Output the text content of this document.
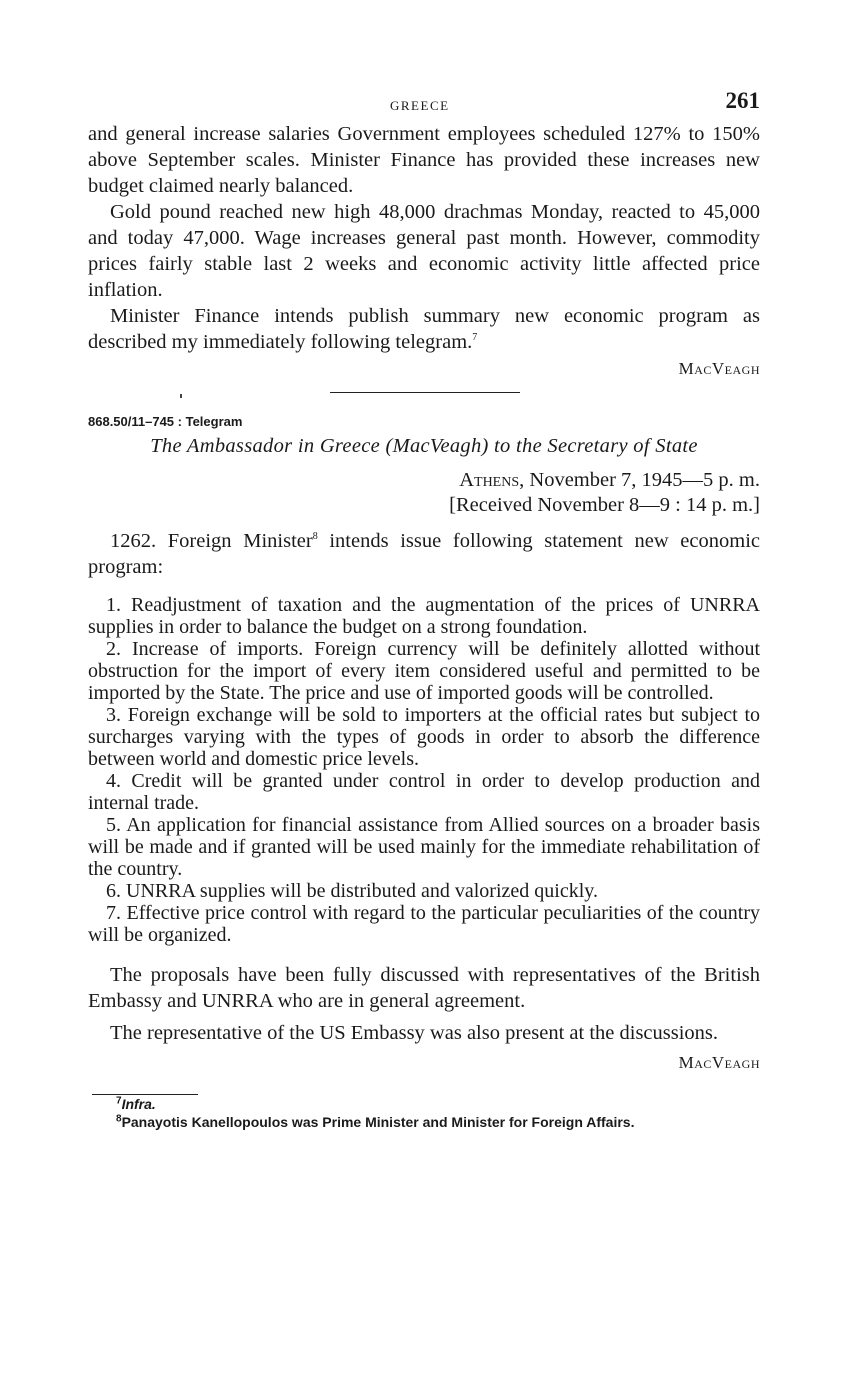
GREECE	261

and general increase salaries Government employees scheduled 127% to 150% above September scales. Minister Finance has provided these increases new budget claimed nearly balanced.

Gold pound reached new high 48,000 drachmas Monday, reacted to 45,000 and today 47,000. Wage increases general past month. However, commodity prices fairly stable last 2 weeks and economic activity little affected price inflation.

Minister Finance intends publish summary new economic program as described my immediately following telegram.$^7$

MacVeagh
868.50/11–745 : Telegram
The Ambassador in Greece (MacVeagh) to the Secretary of State
Athens, November 7, 1945—5 p. m.
[Received November 8—9 : 14 p. m.]

1262. Foreign Minister$^8$ intends issue following statement new economic program:

1. Readjustment of taxation and the augmentation of the prices of UNRRA supplies in order to balance the budget on a strong foundation.
2. Increase of imports. Foreign currency will be definitely allotted without obstruction for the import of every item considered useful and permitted to be imported by the State. The price and use of imported goods will be controlled.
3. Foreign exchange will be sold to importers at the official rates but subject to surcharges varying with the types of goods in order to absorb the difference between world and domestic price levels.
4. Credit will be granted under control in order to develop production and internal trade.
5. An application for financial assistance from Allied sources on a broader basis will be made and if granted will be used mainly for the immediate rehabilitation of the country.
6. UNRRA supplies will be distributed and valorized quickly.
7. Effective price control with regard to the particular peculiarities of the country will be organized.

The proposals have been fully discussed with representatives of the British Embassy and UNRRA who are in general agreement.

The representative of the US Embassy was also present at the discussions.

MacVeagh
$^7$Infra.
$^8$Panayotis Kanellopoulos was Prime Minister and Minister for Foreign Affairs.
